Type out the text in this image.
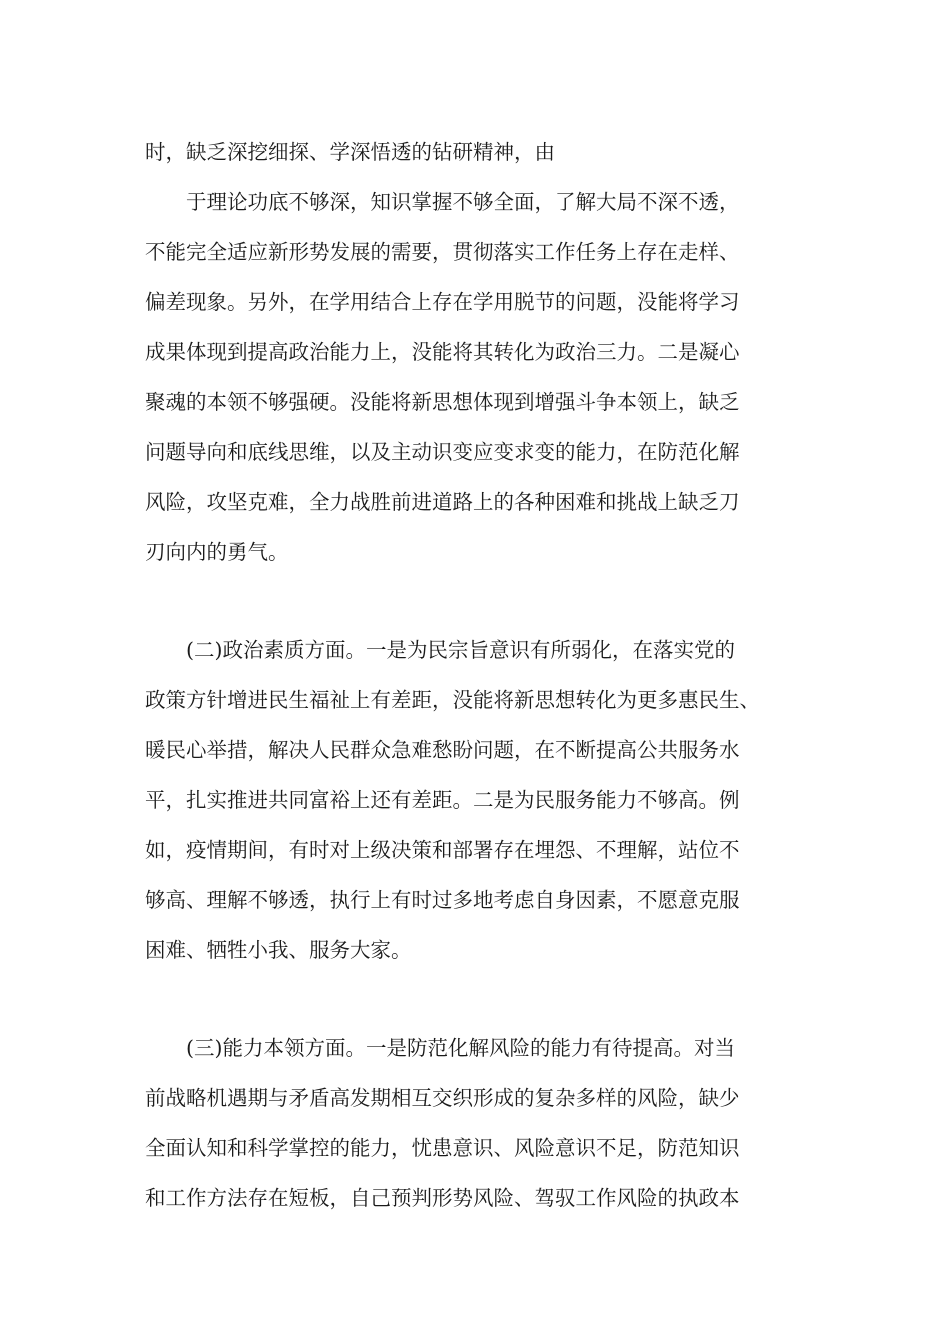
时，缺乏深挖细探、学深悟透的钻研精神，由

于理论功底不够深，知识掌握不够全面，了解大局不深不透，

不能完全适应新形势发展的需要，贯彻落实工作任务上存在走样、

偏差现象。另外，在学用结合上存在学用脱节的问题，没能将学习

成果体现到提高政治能力上，没能将其转化为政治三力。二是凝心

聚魂的本领不够强硬。没能将新思想体现到增强斗争本领上，缺乏

问题导向和底线思维，以及主动识变应变求变的能力，在防范化解

风险，攻坚克难，全力战胜前进道路上的各种困难和挑战上缺乏刀

刃向内的勇气。

(二)政治素质方面。一是为民宗旨意识有所弱化，在落实党的

政策方针增进民生福祉上有差距，没能将新思想转化为更多惠民生、

暖民心举措，解决人民群众急难愁盼问题，在不断提高公共服务水

平，扎实推进共同富裕上还有差距。二是为民服务能力不够高。例

如，疫情期间，有时对上级决策和部署存在埋怨、不理解，站位不

够高、理解不够透，执行上有时过多地考虑自身因素，不愿意克服

困难、牺牲小我、服务大家。

(三)能力本领方面。一是防范化解风险的能力有待提高。对当

前战略机遇期与矛盾高发期相互交织形成的复杂多样的风险，缺少

全面认知和科学掌控的能力，忧患意识、风险意识不足，防范知识

和工作方法存在短板，自己预判形势风险、驾驭工作风险的执政本
